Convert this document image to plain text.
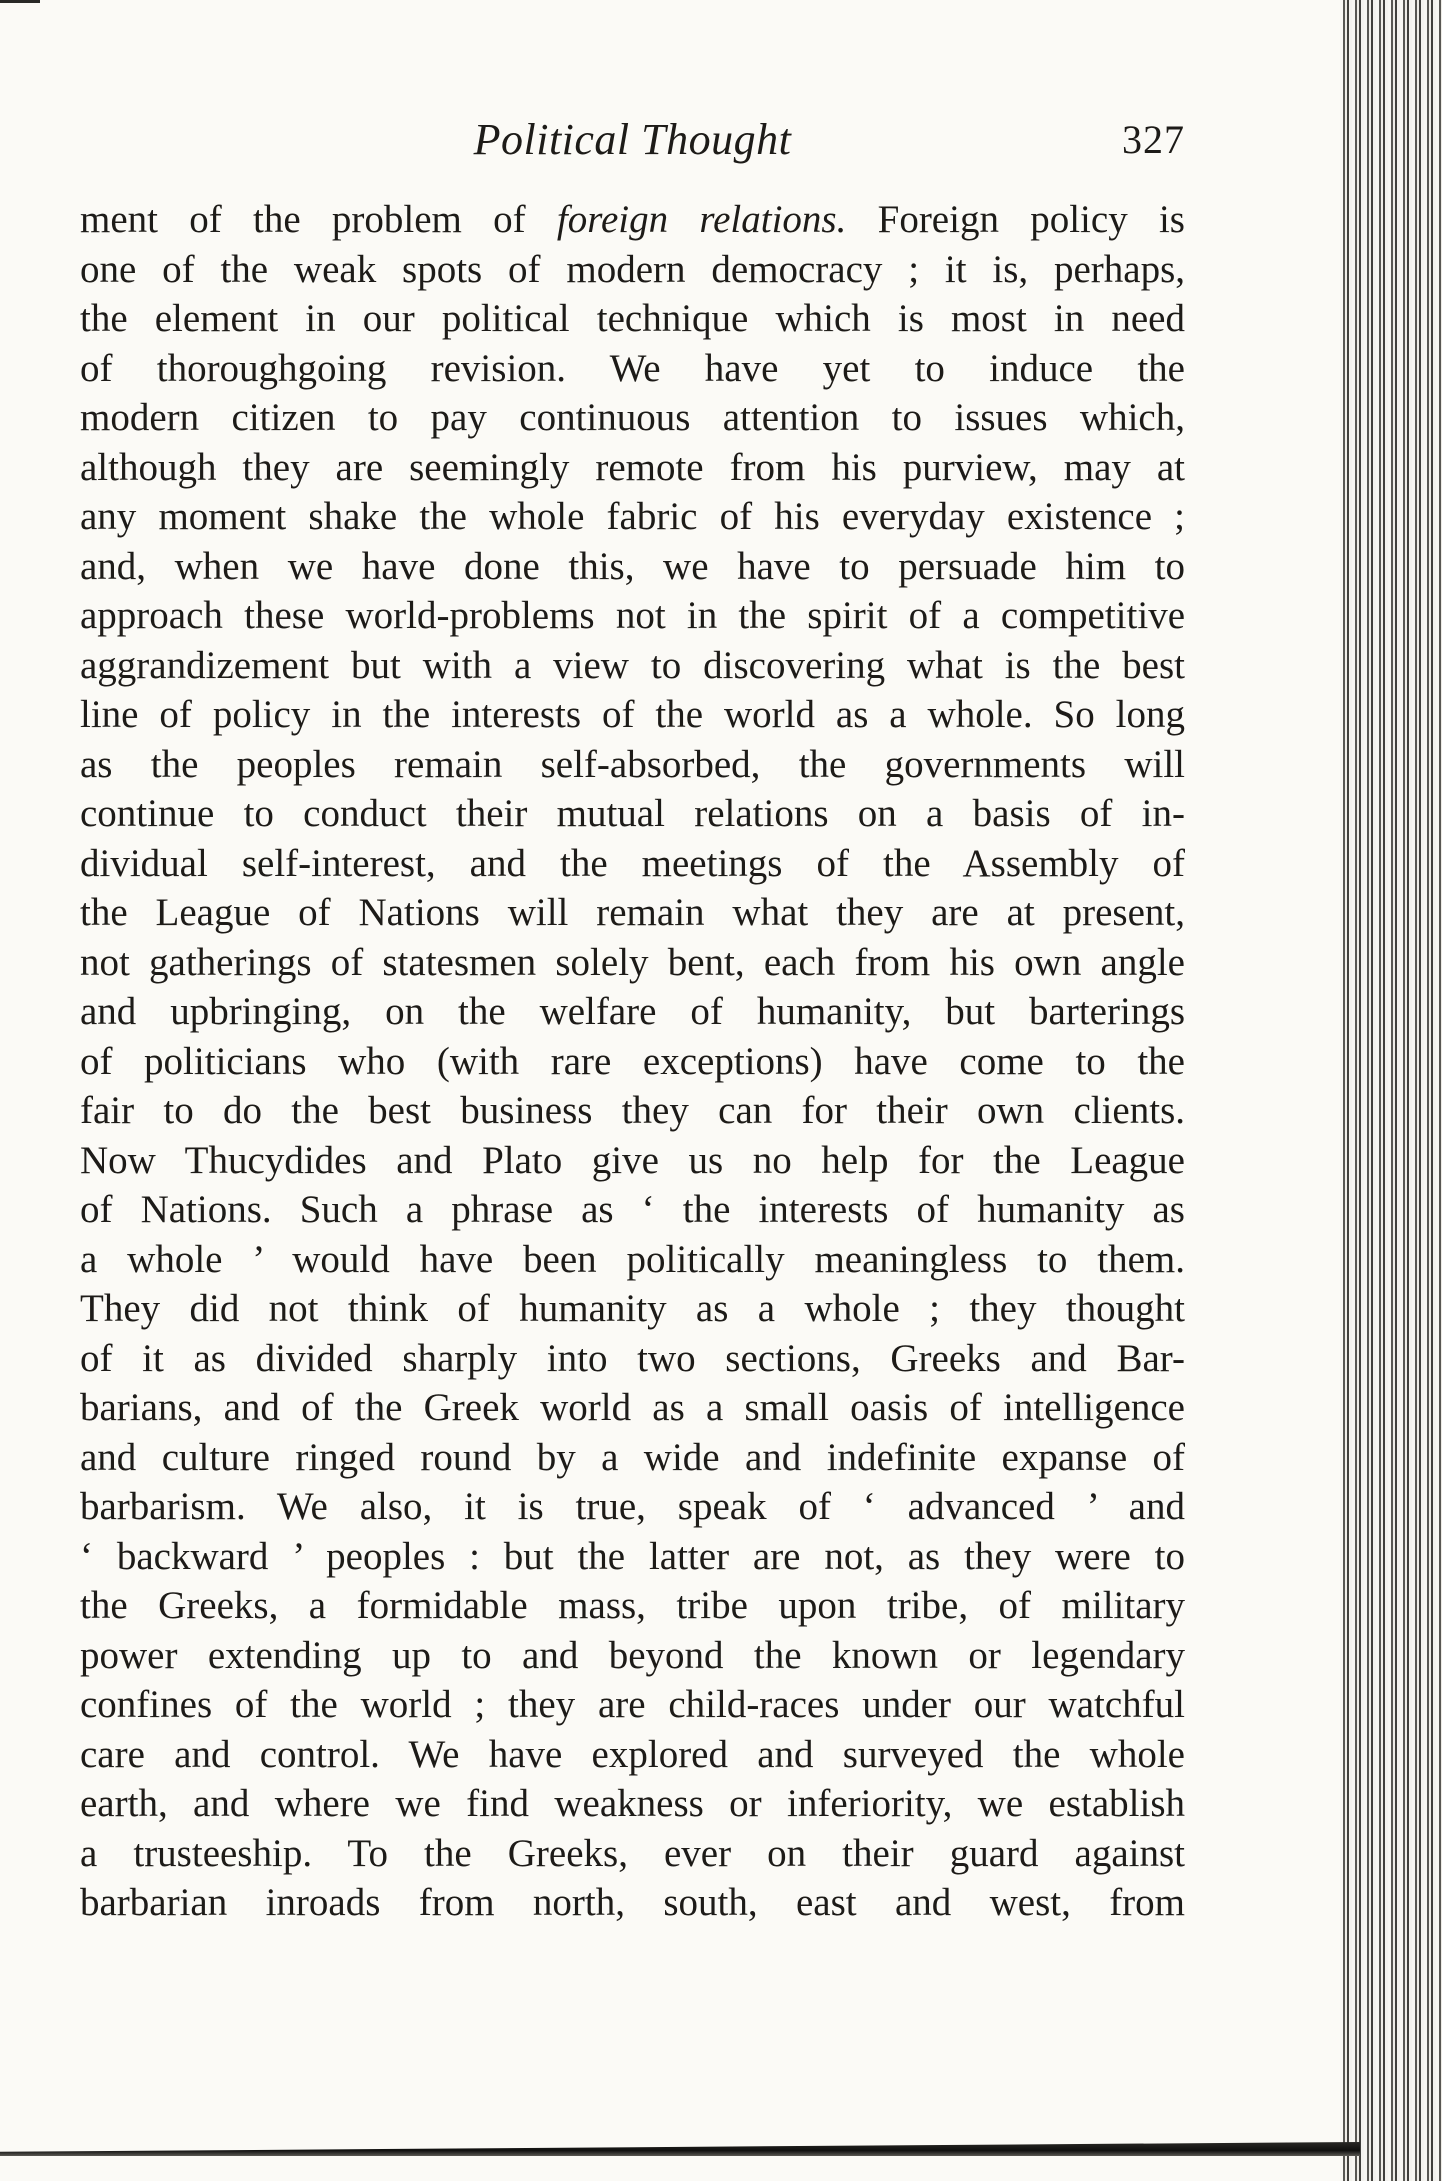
Political Thought	327
ment of the problem of foreign relations. Foreign policy is
one of the weak spots of modern democracy ; it is, perhaps,
the element in our political technique which is most in need
of thoroughgoing revision. We have yet to induce the
modern citizen to pay continuous attention to issues which,
although they are seemingly remote from his purview, may at
any moment shake the whole fabric of his everyday existence ;
and, when we have done this, we have to persuade him to
approach these world-problems not in the spirit of a competitive
aggrandizement but with a view to discovering what is the best
line of policy in the interests of the world as a whole. So long
as the peoples remain self-absorbed, the governments will
continue to conduct their mutual relations on a basis of in-
dividual self-interest, and the meetings of the Assembly of
the League of Nations will remain what they are at present,
not gatherings of statesmen solely bent, each from his own angle
and upbringing, on the welfare of humanity, but barterings
of politicians who (with rare exceptions) have come to the
fair to do the best business they can for their own clients.
Now Thucydides and Plato give us no help for the League
of Nations. Such a phrase as ‘ the interests of humanity as
a whole ’ would have been politically meaningless to them.
They did not think of humanity as a whole ; they thought
of it as divided sharply into two sections, Greeks and Bar-
barians, and of the Greek world as a small oasis of intelligence
and culture ringed round by a wide and indefinite expanse of
barbarism. We also, it is true, speak of ‘ advanced ’ and
‘ backward ’ peoples : but the latter are not, as they were to
the Greeks, a formidable mass, tribe upon tribe, of military
power extending up to and beyond the known or legendary
confines of the world ; they are child-races under our watchful
care and control. We have explored and surveyed the whole
earth, and where we find weakness or inferiority, we establish
a trusteeship. To the Greeks, ever on their guard against
barbarian inroads from north, south, east and west, from
